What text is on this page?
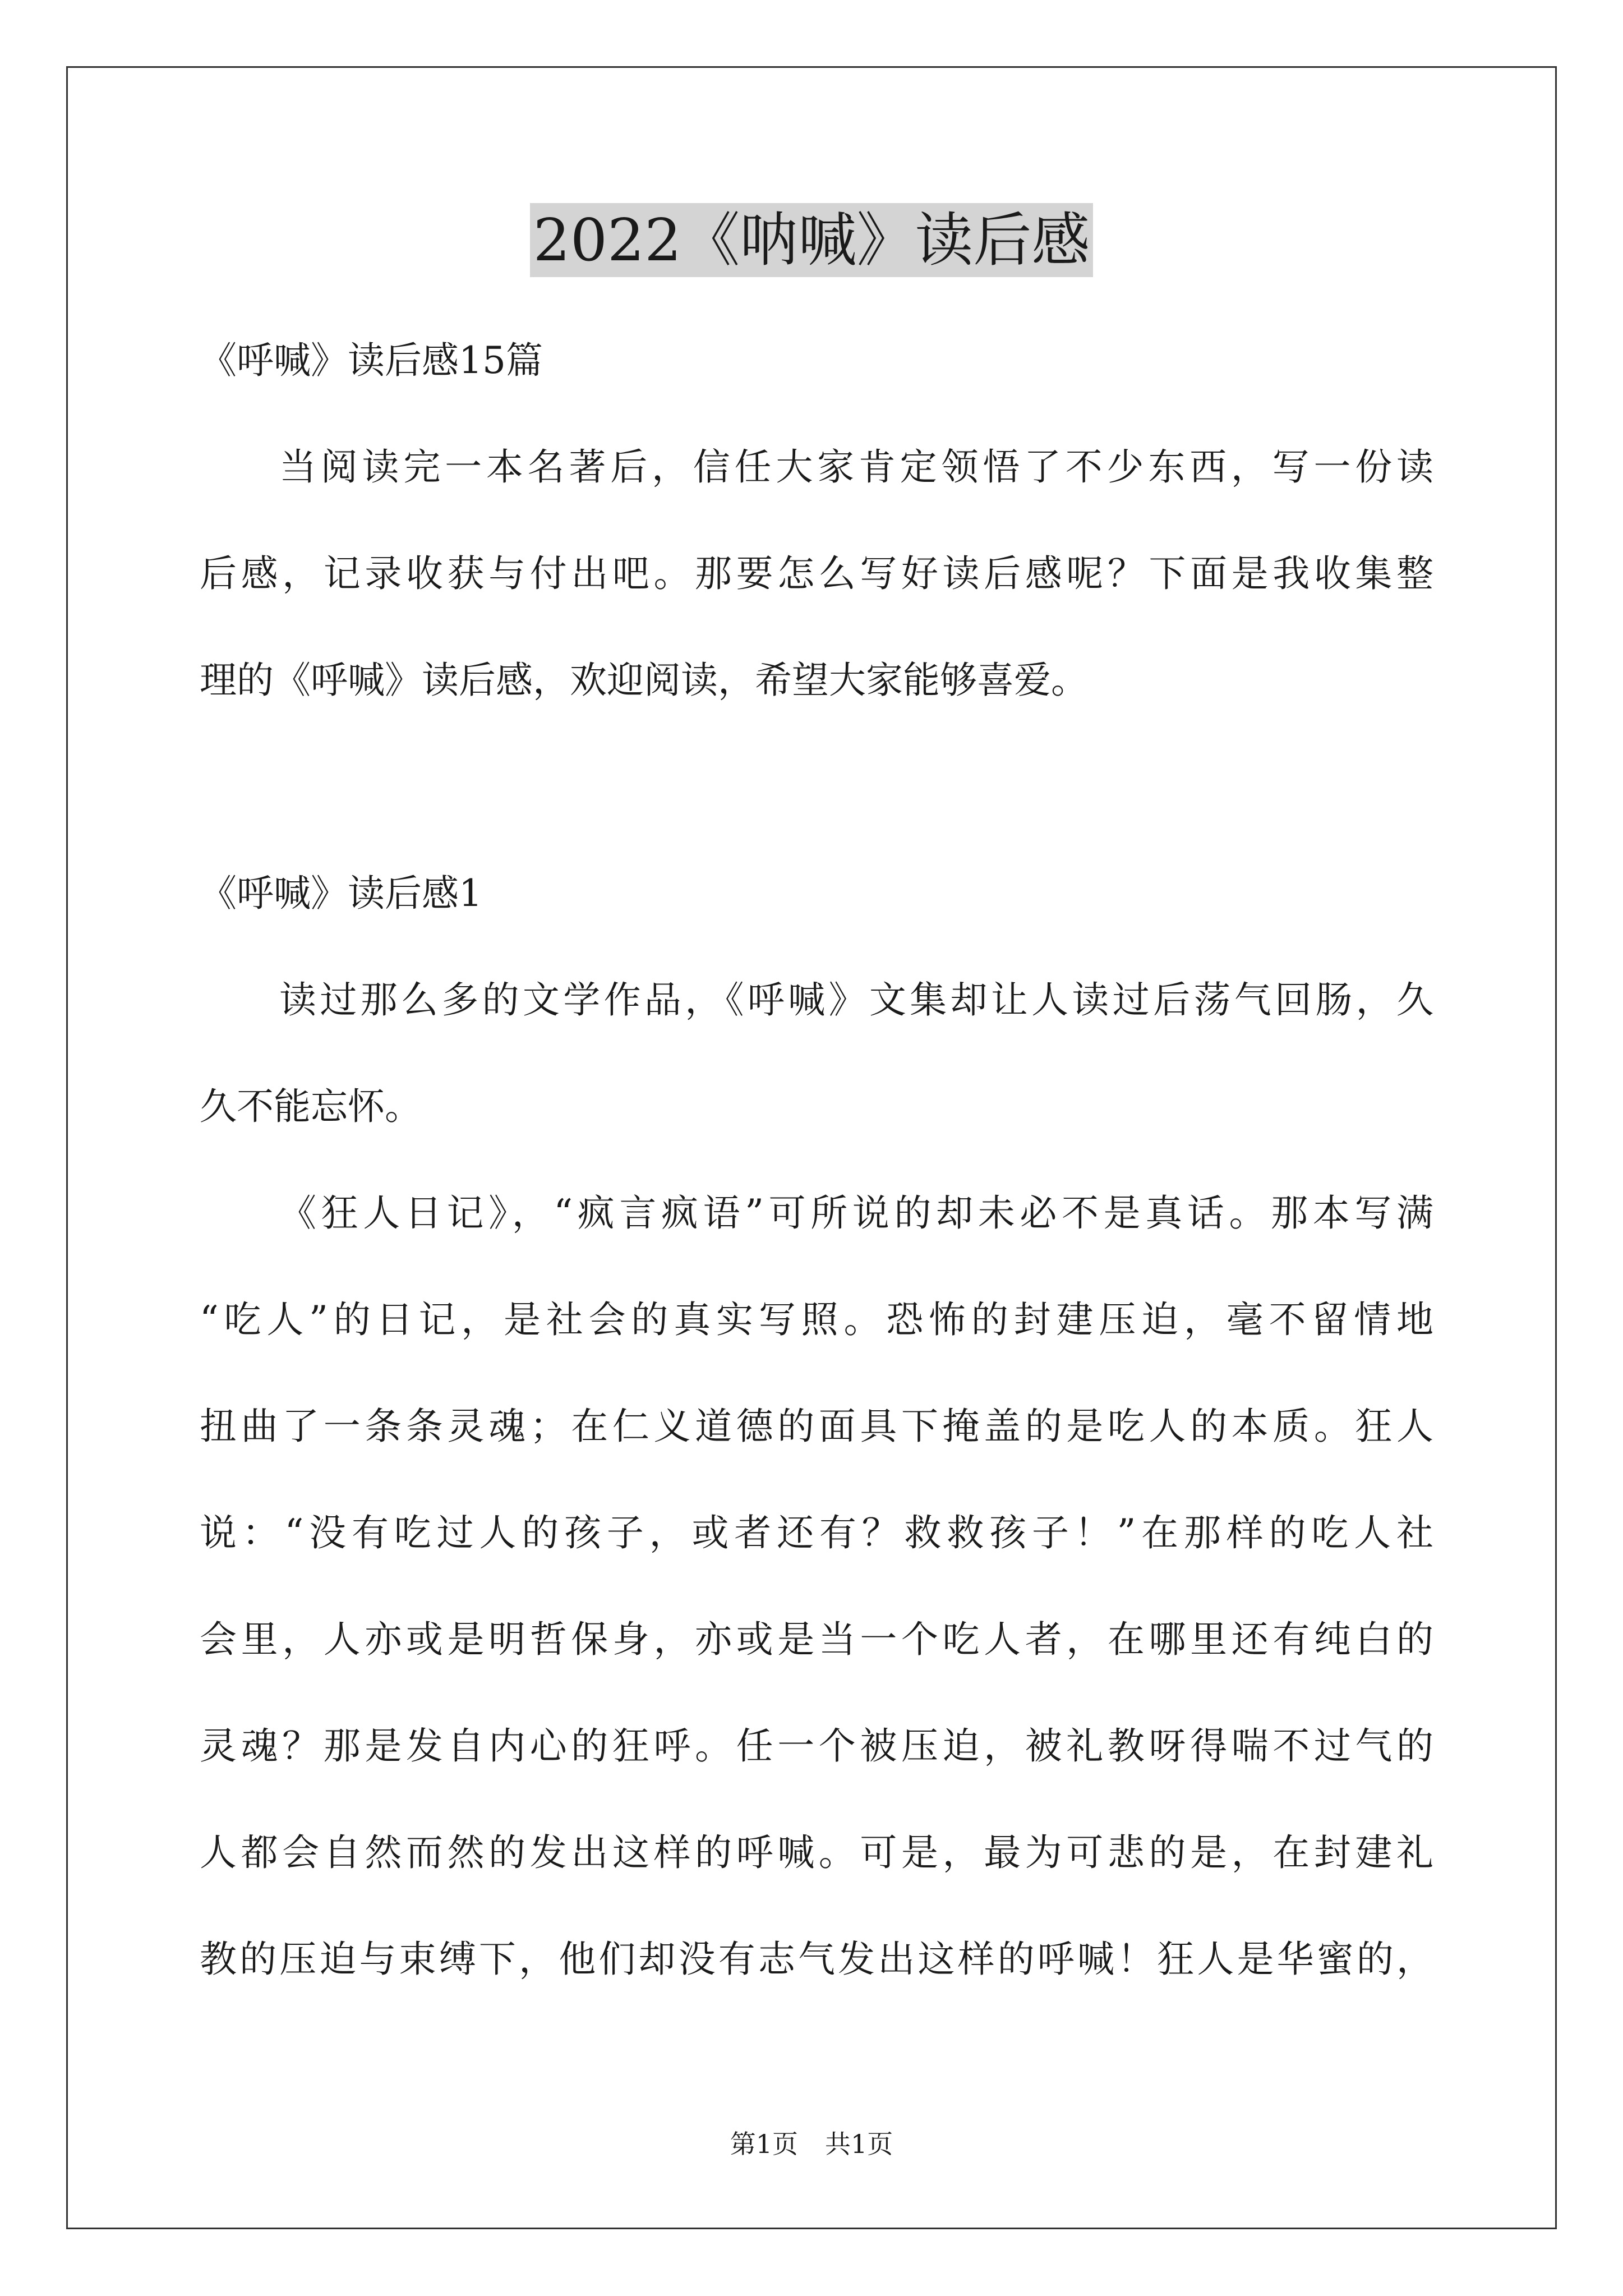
2022《呐喊》读后感
《呼喊》读后感15篇
当阅读完一本名著后，信任大家肯定领悟了不少东西，写一份读
后感，记录收获与付出吧。那要怎么写好读后感呢？下面是我收集整
理的《呼喊》读后感，欢迎阅读，希望大家能够喜爱。
《呼喊》读后感1
读过那么多的文学作品，《呼喊》文集却让人读过后荡气回肠，久
久不能忘怀。
《狂人日记》，“疯言疯语”可所说的却未必不是真话。那本写满
“吃人”的日记，是社会的真实写照。恐怖的封建压迫，毫不留情地
扭曲了一条条灵魂；在仁义道德的面具下掩盖的是吃人的本质。狂人
说：“没有吃过人的孩子，或者还有？救救孩子！”在那样的吃人社
会里，人亦或是明哲保身，亦或是当一个吃人者，在哪里还有纯白的
灵魂？那是发自内心的狂呼。任一个被压迫，被礼教呀得喘不过气的
人都会自然而然的发出这样的呼喊。可是，最为可悲的是，在封建礼
教的压迫与束缚下，他们却没有志气发出这样的呼喊！狂人是华蜜的，
第1页 共1页
